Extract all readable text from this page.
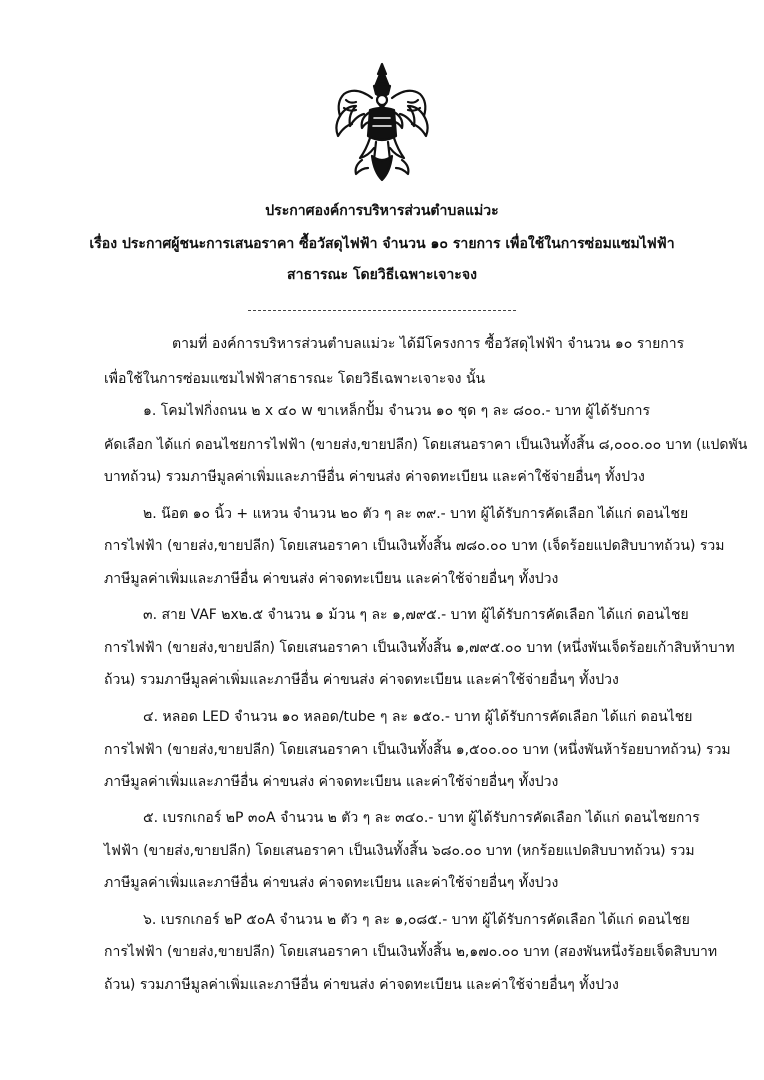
ประกาศองค์การบริหารส่วนตำบลแม่วะ
เรื่อง ประกาศผู้ชนะการเสนอราคา ซื้อวัสดุไฟฟ้า จำนวน ๑๐ รายการ เพื่อใช้ในการซ่อมแซมไฟฟ้า
สาธารณะ โดยวิธีเฉพาะเจาะจง
ตามที่ องค์การบริหารส่วนตำบลแม่วะ ได้มีโครงการ ซื้อวัสดุไฟฟ้า จำนวน ๑๐ รายการ
เพื่อใช้ในการซ่อมแซมไฟฟ้าสาธารณะ โดยวิธีเฉพาะเจาะจง นั้น
๑. โคมไฟกิ่งถนน ๒ x ๔๐ w ขาเหล็กปั้ม จำนวน ๑๐ ชุด ๆ ละ ๘๐๐.- บาท ผู้ได้รับการ
คัดเลือก ได้แก่ ดอนไชยการไฟฟ้า (ขายส่ง,ขายปลีก) โดยเสนอราคา เป็นเงินทั้งสิ้น ๘,๐๐๐.๐๐ บาท (แปดพัน
บาทถ้วน) รวมภาษีมูลค่าเพิ่มและภาษีอื่น ค่าขนส่ง ค่าจดทะเบียน และค่าใช้จ่ายอื่นๆ ทั้งปวง
๒. น๊อต ๑๐ นิ้ว + แหวน จำนวน ๒๐ ตัว ๆ ละ ๓๙.- บาท ผู้ได้รับการคัดเลือก ได้แก่ ดอนไชย
การไฟฟ้า (ขายส่ง,ขายปลีก) โดยเสนอราคา เป็นเงินทั้งสิ้น ๗๘๐.๐๐ บาท (เจ็ดร้อยแปดสิบบาทถ้วน) รวม
ภาษีมูลค่าเพิ่มและภาษีอื่น ค่าขนส่ง ค่าจดทะเบียน และค่าใช้จ่ายอื่นๆ ทั้งปวง
๓. สาย VAF ๒x๒.๕ จำนวน ๑ ม้วน ๆ ละ ๑,๗๙๕.- บาท ผู้ได้รับการคัดเลือก ได้แก่ ดอนไชย
การไฟฟ้า (ขายส่ง,ขายปลีก) โดยเสนอราคา เป็นเงินทั้งสิ้น ๑,๗๙๕.๐๐ บาท (หนึ่งพันเจ็ดร้อยเก้าสิบห้าบาท
ถ้วน) รวมภาษีมูลค่าเพิ่มและภาษีอื่น ค่าขนส่ง ค่าจดทะเบียน และค่าใช้จ่ายอื่นๆ ทั้งปวง
๔. หลอด LED จำนวน ๑๐ หลอด/tube ๆ ละ ๑๕๐.- บาท ผู้ได้รับการคัดเลือก ได้แก่ ดอนไชย
การไฟฟ้า (ขายส่ง,ขายปลีก) โดยเสนอราคา เป็นเงินทั้งสิ้น ๑,๕๐๐.๐๐ บาท (หนึ่งพันห้าร้อยบาทถ้วน) รวม
ภาษีมูลค่าเพิ่มและภาษีอื่น ค่าขนส่ง ค่าจดทะเบียน และค่าใช้จ่ายอื่นๆ ทั้งปวง
๕. เบรกเกอร์ ๒P ๓๐A จำนวน ๒ ตัว ๆ ละ ๓๔๐.- บาท ผู้ได้รับการคัดเลือก ได้แก่ ดอนไชยการ
ไฟฟ้า (ขายส่ง,ขายปลีก) โดยเสนอราคา เป็นเงินทั้งสิ้น ๖๘๐.๐๐ บาท (หกร้อยแปดสิบบาทถ้วน) รวม
ภาษีมูลค่าเพิ่มและภาษีอื่น ค่าขนส่ง ค่าจดทะเบียน และค่าใช้จ่ายอื่นๆ ทั้งปวง
๖. เบรกเกอร์ ๒P ๕๐A จำนวน ๒ ตัว ๆ ละ ๑,๐๘๕.- บาท ผู้ได้รับการคัดเลือก ได้แก่ ดอนไชย
การไฟฟ้า (ขายส่ง,ขายปลีก) โดยเสนอราคา เป็นเงินทั้งสิ้น ๒,๑๗๐.๐๐ บาท (สองพันหนึ่งร้อยเจ็ดสิบบาท
ถ้วน) รวมภาษีมูลค่าเพิ่มและภาษีอื่น ค่าขนส่ง ค่าจดทะเบียน และค่าใช้จ่ายอื่นๆ ทั้งปวง
